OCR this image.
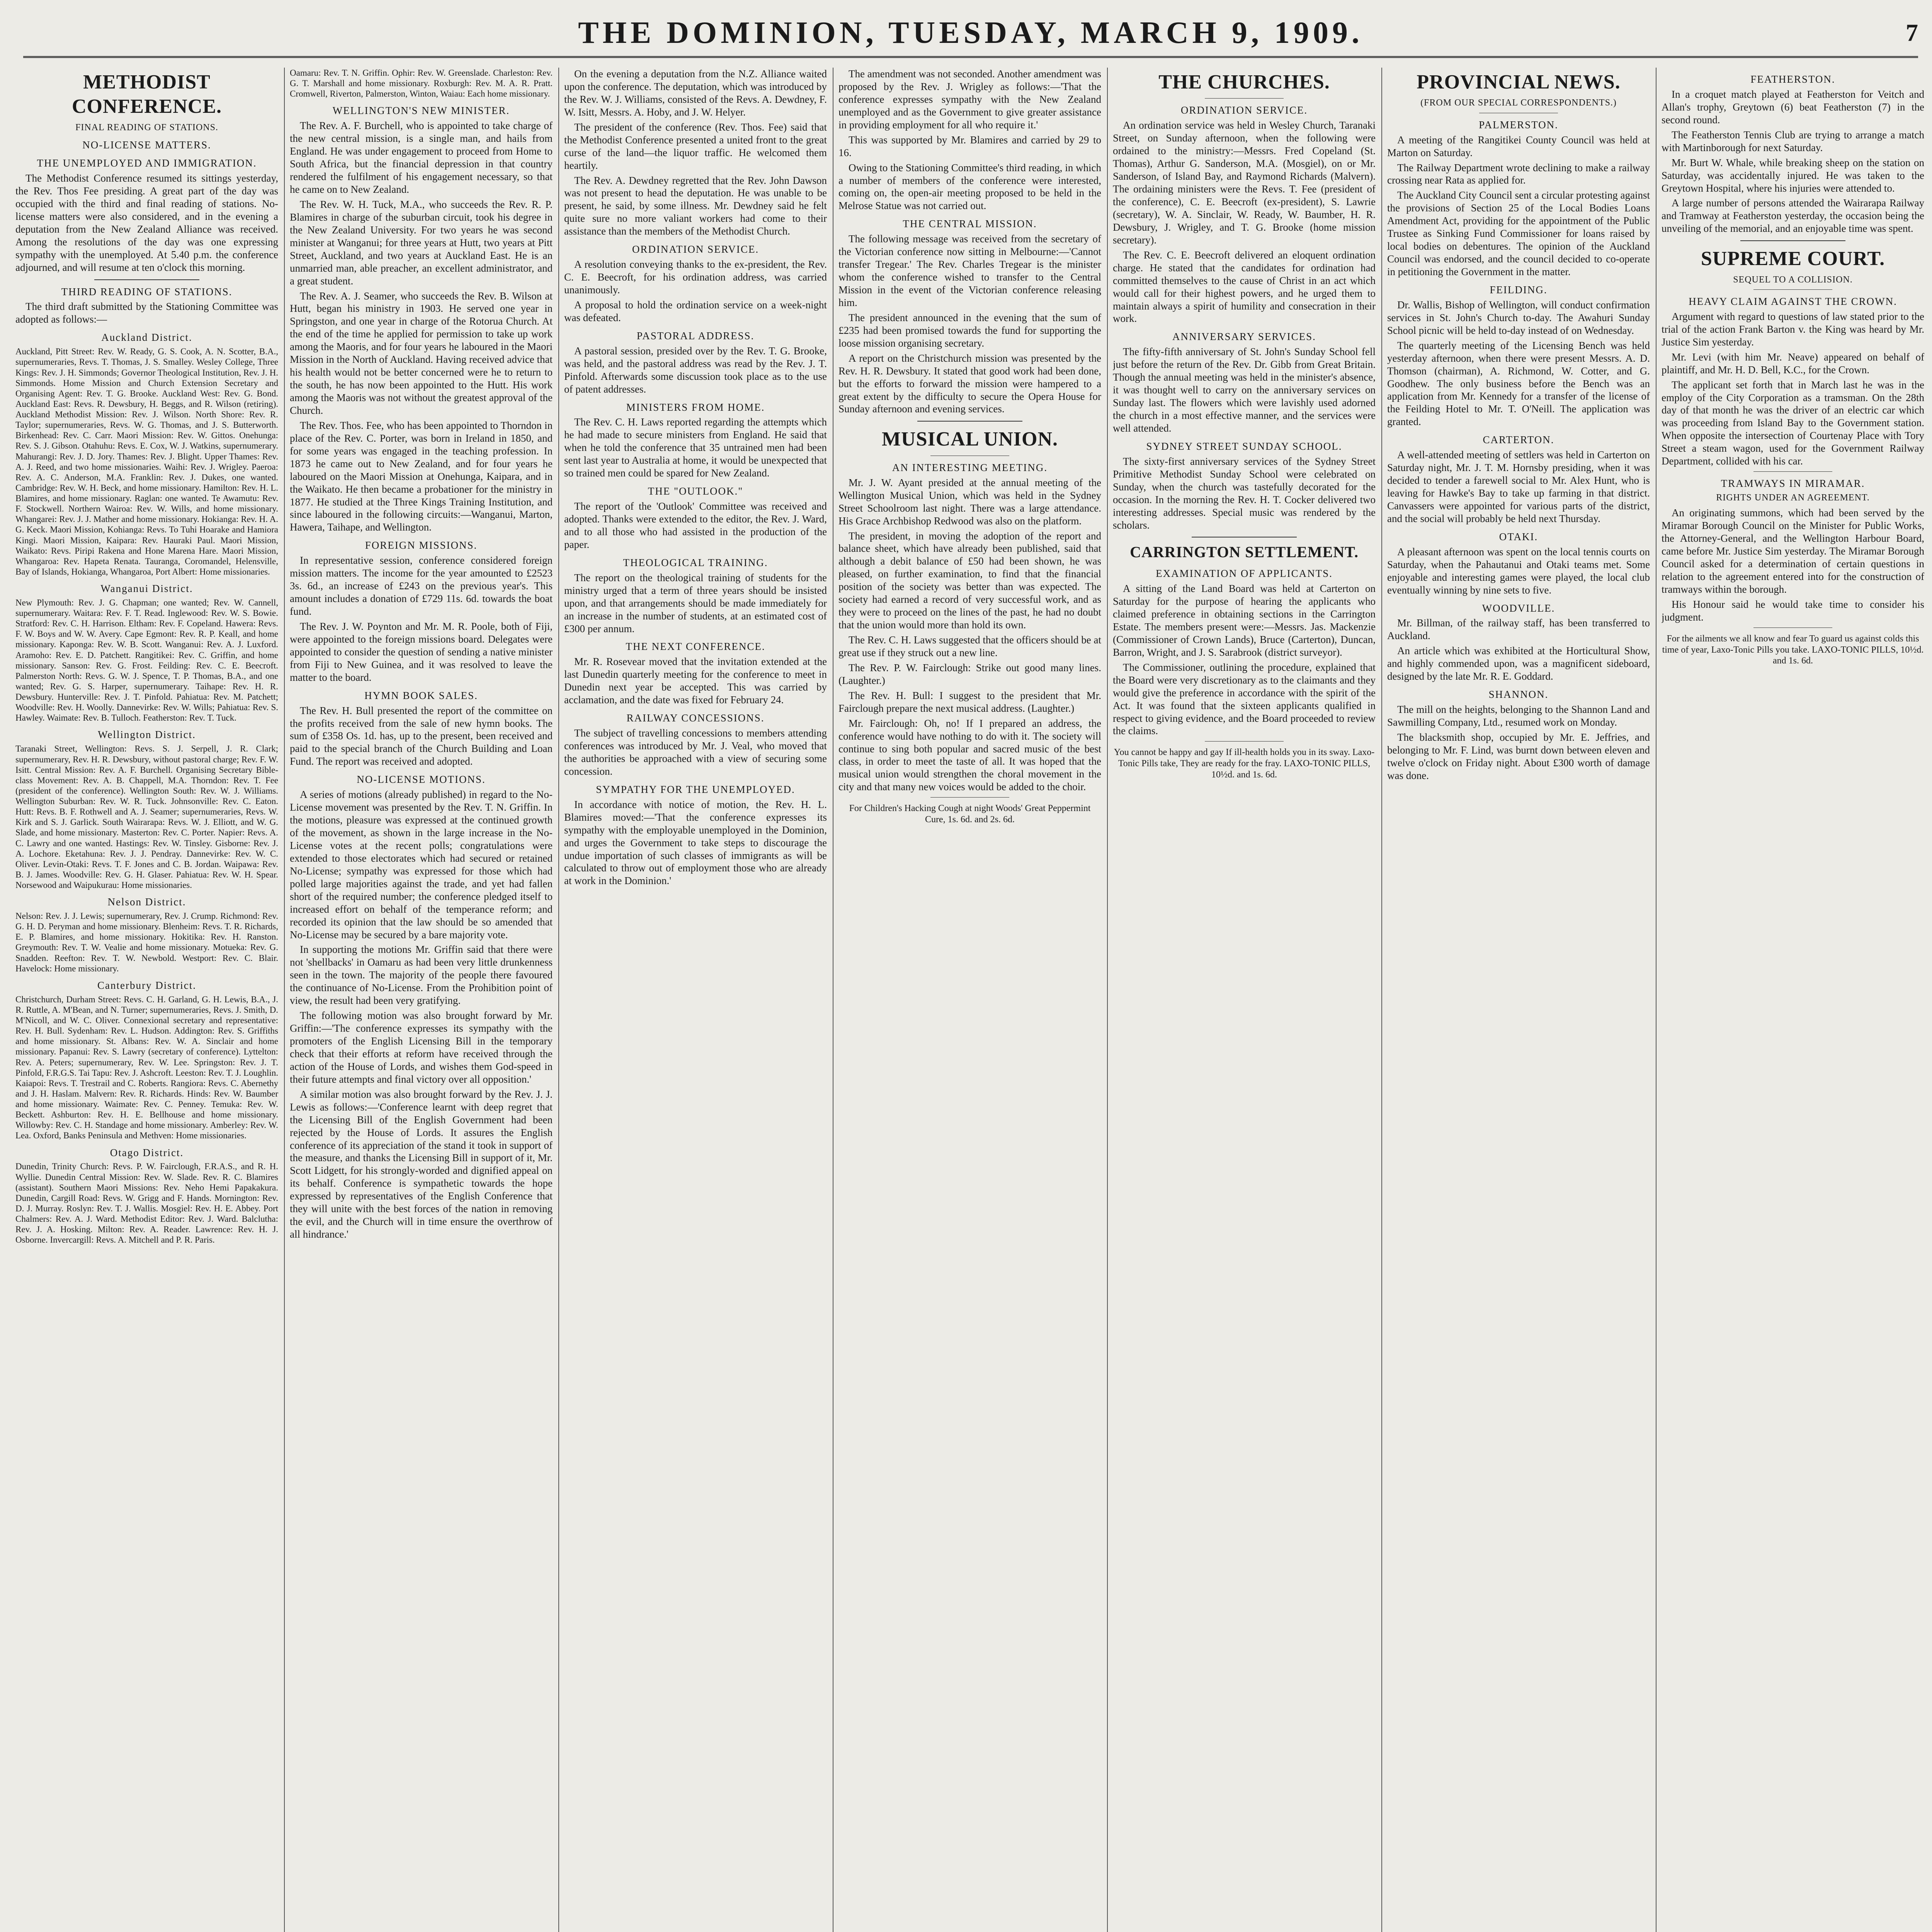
THE DOMINION, TUESDAY, MARCH 9, 1909.	7
METHODIST CONFERENCE.
FINAL READING OF STATIONS.
NO-LICENSE MATTERS.
THE UNEMPLOYED AND IMMIGRATION.

The Methodist Conference resumed its sittings yesterday, the Rev. Thos Fee presiding. A great part of the day was occupied with the third and final reading of stations. No-license matters were also considered, and in the evening a deputation from the New Zealand Alliance was received. Among the resolutions of the day was one expressing sympathy with the unemployed. At 5.40 p.m. the conference adjourned, and will resume at ten o'clock this morning.

THIRD READING OF STATIONS.

The third draft submitted by the Stationing Committee was adopted as follows:—

Auckland District.

Auckland, Pitt Street: Rev. W. Ready, G. S. Cook, A. N. Scotter, B.A., supernumeraries, Revs. T. Thomas, J. S. Smalley. Wesley College, Three Kings: Rev. J. H. Simmonds; Governor Theological Institution, Rev. J. H. Simmonds. Home Mission and Church Extension Secretary and Organising Agent: Rev. T. G. Brooke. Auckland West: Rev. G. Bond. Auckland East: Revs. R. Dewsbury, H. Beggs, and R. Wilson (retiring). Auckland Methodist Mission: Rev. J. Wilson. North Shore: Rev. R. Taylor; supernumeraries, Revs. W. G. Thomas, and J. S. Butterworth. Birkenhead: Rev. C. Carr. Maori Mission: Rev. W. Gittos. Onehunga: Rev. S. J. Gibson. Otahuhu: Revs. E. Cox, W. J. Watkins, supernumerary. Mahurangi: Rev. J. D. Jory. Thames: Rev. J. Blight. Upper Thames: Rev. A. J. Reed, and two home missionaries. Waihi: Rev. J. Wrigley. Paeroa: Rev. A. C. Anderson, M.A. Franklin: Rev. J. Dukes, one wanted. Cambridge: Rev. W. H. Beck, and home missionary. Hamilton: Rev. H. L. Blamires, and home missionary. Raglan: one wanted. Te Awamutu: Rev. F. Stockwell. Northern Wairoa: Rev. W. Wills, and home missionary. Whangarei: Rev. J. J. Mather and home missionary. Hokianga: Rev. H. A. G. Keck. Maori Mission, Kohianga: Revs. To Tuhi Hoarake and Hamiora Kingi. Maori Mission, Kaipara: Rev. Hauraki Paul. Maori Mission, Waikato: Revs. Piripi Rakena and Hone Marena Hare. Maori Mission, Whangaroa: Rev. Hapeta Renata. Tauranga, Coromandel, Helensville, Bay of Islands, Hokianga, Whangaroa, Port Albert: Home missionaries.

Wanganui District.

New Plymouth: Rev. J. G. Chapman; one wanted; Rev. W. Cannell, supernumerary. Waitara: Rev. F. T. Read. Inglewood: Rev. W. S. Bowie. Stratford: Rev. C. H. Harrison. Eltham: Rev. F. Copeland. Hawera: Revs. F. W. Boys and W. W. Avery. Cape Egmont: Rev. R. P. Keall, and home missionary. Kaponga: Rev. W. B. Scott. Wanganui: Rev. A. J. Luxford. Aramoho: Rev. E. D. Patchett. Rangitikei: Rev. C. Griffin, and home missionary. Sanson: Rev. G. Frost. Feilding: Rev. C. E. Beecroft. Palmerston North: Revs. G. W. J. Spence, T. P. Thomas, B.A., and one wanted; Rev. G. S. Harper, supernumerary. Taihape: Rev. H. R. Dewsbury. Hunterville: Rev. J. T. Pinfold. Pahiatua: Rev. M. Patchett; Woodville: Rev. H. Woolly. Dannevirke: Rev. W. Wills; Pahiatua: Rev. S. Hawley. Waimate: Rev. B. Tulloch. Featherston: Rev. T. Tuck.

Wellington District.

Taranaki Street, Wellington: Revs. S. J. Serpell, J. R. Clark; supernumerary, Rev. H. R. Dewsbury, without pastoral charge; Rev. F. W. Isitt. Central Mission: Rev. A. F. Burchell. Organising Secretary Bible-class Movement: Rev. A. B. Chappell, M.A. Thorndon: Rev. T. Fee (president of the conference). Wellington South: Rev. W. J. Williams. Wellington Suburban: Rev. W. R. Tuck. Johnsonville: Rev. C. Eaton. Hutt: Revs. B. F. Rothwell and A. J. Seamer; supernumeraries, Revs. W. Kirk and S. J. Garlick. South Wairarapa: Revs. W. J. Elliott, and W. G. Slade, and home missionary. Masterton: Rev. C. Porter. Napier: Revs. A. C. Lawry and one wanted. Hastings: Rev. W. Tinsley. Gisborne: Rev. J. A. Lochore. Eketahuna: Rev. J. J. Pendray. Dannevirke: Rev. W. C. Oliver. Levin-Otaki: Revs. T. F. Jones and C. B. Jordan. Waipawa: Rev. B. J. James. Woodville: Rev. G. H. Glaser. Pahiatua: Rev. W. H. Spear. Norsewood and Waipukurau: Home missionaries.

Nelson District.

Nelson: Rev. J. J. Lewis; supernumerary, Rev. J. Crump. Richmond: Rev. G. H. D. Peryman and home missionary. Blenheim: Revs. T. R. Richards, E. P. Blamires, and home missionary. Hokitika: Rev. H. Ranston. Greymouth: Rev. T. W. Vealie and home missionary. Motueka: Rev. G. Snadden. Reefton: Rev. T. W. Newbold. Westport: Rev. C. Blair. Havelock: Home missionary.

Canterbury District.

Christchurch, Durham Street: Revs. C. H. Garland, G. H. Lewis, B.A., J. R. Ruttle, A. M'Bean, and N. Turner; supernumeraries, Revs. J. Smith, D. M'Nicoll, and W. C. Oliver. Connexional secretary and representative: Rev. H. Bull. Sydenham: Rev. L. Hudson. Addington: Rev. S. Griffiths and home missionary. St. Albans: Rev. W. A. Sinclair and home missionary. Papanui: Rev. S. Lawry (secretary of conference). Lyttelton: Rev. A. Peters; supernumerary, Rev. W. Lee. Springston: Rev. J. T. Pinfold, F.R.G.S. Tai Tapu: Rev. J. Ashcroft. Leeston: Rev. T. J. Loughlin. Kaiapoi: Revs. T. Trestrail and C. Roberts. Rangiora: Revs. C. Abernethy and J. H. Haslam. Malvern: Rev. R. Richards. Hinds: Rev. W. Baumber and home missionary. Waimate: Rev. C. Penney. Temuka: Rev. W. Beckett. Ashburton: Rev. H. E. Bellhouse and home missionary. Willowby: Rev. C. H. Standage and home missionary. Amberley: Rev. W. Lea. Oxford, Banks Peninsula and Methven: Home missionaries.

Otago District.

Dunedin, Trinity Church: Revs. P. W. Fairclough, F.R.A.S., and R. H. Wyllie. Dunedin Central Mission: Rev. W. Slade. Rev. R. C. Blamires (assistant). Southern Maori Missions: Rev. Neho Hemi Papakakura. Dunedin, Cargill Road: Revs. W. Grigg and F. Hands. Mornington: Rev. D. J. Murray. Roslyn: Rev. T. J. Wallis. Mosgiel: Rev. H. E. Abbey. Port Chalmers: Rev. A. J. Ward. Methodist Editor: Rev. J. Ward. Balclutha: Rev. J. A. Hosking. Milton: Rev. A. Reader. Lawrence: Rev. H. J. Osborne. Invercargill: Revs. A. Mitchell and P. R. Paris.

Oamaru: Rev. T. N. Griffin. Ophir: Rev. W. Greenslade. Charleston: Rev. G. T. Marshall and home missionary. Roxburgh: Rev. M. A. R. Pratt. Cromwell, Riverton, Palmerston, Winton, Waiau: Each home missionary.

WELLINGTON'S NEW MINISTER.

The Rev. A. F. Burchell, who is appointed to take charge of the new central mission, is a single man, and hails from England. He was under engagement to proceed from Home to South Africa, but the financial depression in that country rendered the fulfilment of his engagement necessary, so that he came on to New Zealand.

The Rev. W. H. Tuck, M.A., who succeeds the Rev. R. P. Blamires in charge of the suburban circuit, took his degree in the New Zealand University. For two years he was second minister at Wanganui; for three years at Hutt, two years at Pitt Street, Auckland, and two years at Auckland East. He is an unmarried man, able preacher, an excellent administrator, and a great student.

The Rev. A. J. Seamer, who succeeds the Rev. B. Wilson at Hutt, began his ministry in 1903. He served one year in Springston, and one year in charge of the Rotorua Church. At the end of the time he applied for permission to take up work among the Maoris, and for four years he laboured in the Maori Mission in the North of Auckland. Having received advice that his health would not be better concerned were he to return to the south, he has now been appointed to the Hutt. His work among the Maoris was not without the greatest approval of the Church.

The Rev. Thos. Fee, who has been appointed to Thorndon in place of the Rev. C. Porter, was born in Ireland in 1850, and for some years was engaged in the teaching profession. In 1873 he came out to New Zealand, and for four years he laboured on the Maori Mission at Onehunga, Kaipara, and in the Waikato. He then became a probationer for the ministry in 1877. He studied at the Three Kings Training Institution, and since laboured in the following circuits:—Wanganui, Marton, Hawera, Taihape, and Wellington.

FOREIGN MISSIONS.

In representative session, conference considered foreign mission matters. The income for the year amounted to £2523 3s. 6d., an increase of £243 on the previous year's. This amount includes a donation of £729 11s. 6d. towards the boat fund.

The Rev. J. W. Poynton and Mr. M. R. Poole, both of Fiji, were appointed to the foreign missions board. Delegates were appointed to consider the question of sending a native minister from Fiji to New Guinea, and it was resolved to leave the matter to the board.

HYMN BOOK SALES.

The Rev. H. Bull presented the report of the committee on the profits received from the sale of new hymn books. The sum of £358 Os. 1d. has, up to the present, been received and paid to the special branch of the Church Building and Loan Fund. The report was received and adopted.

NO-LICENSE MOTIONS.

A series of motions (already published) in regard to the No-License movement was presented by the Rev. T. N. Griffin. In the motions, pleasure was expressed at the continued growth of the movement, as shown in the large increase in the No-License votes at the recent polls; congratulations were extended to those electorates which had secured or retained No-License; sympathy was expressed for those which had polled large majorities against the trade, and yet had fallen short of the required number; the conference pledged itself to increased effort on behalf of the temperance reform; and recorded its opinion that the law should be so amended that No-License may be secured by a bare majority vote.

In supporting the motions Mr. Griffin said that there were not 'shellbacks' in Oamaru as had been very little drunkenness seen in the town. The majority of the people there favoured the continuance of No-License. From the Prohibition point of view, the result had been very gratifying.

The following motion was also brought forward by Mr. Griffin:—'The conference expresses its sympathy with the promoters of the English Licensing Bill in the temporary check that their efforts at reform have received through the action of the House of Lords, and wishes them God-speed in their future attempts and final victory over all opposition.'

A similar motion was also brought forward by the Rev. J. J. Lewis as follows:—'Conference learnt with deep regret that the Licensing Bill of the English Government had been rejected by the House of Lords. It assures the English conference of its appreciation of the stand it took in support of the measure, and thanks the Licensing Bill in support of it, Mr. Scott Lidgett, for his strongly-worded and dignified appeal on its behalf. Conference is sympathetic towards the hope expressed by representatives of the English Conference that they will unite with the best forces of the nation in removing the evil, and the Church will in time ensure the overthrow of all hindrance.'

On the evening a deputation from the N.Z. Alliance waited upon the conference. The deputation, which was introduced by the Rev. W. J. Williams, consisted of the Revs. A. Dewdney, F. W. Isitt, Messrs. A. Hoby, and J. W. Helyer.

The president of the conference (Rev. Thos. Fee) said that the Methodist Conference presented a united front to the great curse of the land—the liquor traffic. He welcomed them heartily.

The Rev. A. Dewdney regretted that the Rev. John Dawson was not present to head the deputation. He was unable to be present, he said, by some illness. Mr. Dewdney said he felt quite sure no more valiant workers had come to their assistance than the members of the Methodist Church.

ORDINATION SERVICE.

A resolution conveying thanks to the ex-president, the Rev. C. E. Beecroft, for his ordination address, was carried unanimously.

A proposal to hold the ordination service on a week-night was defeated.

PASTORAL ADDRESS.

A pastoral session, presided over by the Rev. T. G. Brooke, was held, and the pastoral address was read by the Rev. J. T. Pinfold. Afterwards some discussion took place as to the use of patent addresses.

MINISTERS FROM HOME.

The Rev. C. H. Laws reported regarding the attempts which he had made to secure ministers from England. He said that when he told the conference that 35 untrained men had been sent last year to Australia at home, it would be unexpected that so trained men could be spared for New Zealand.

THE "OUTLOOK."

The report of the 'Outlook' Committee was received and adopted. Thanks were extended to the editor, the Rev. J. Ward, and to all those who had assisted in the production of the paper.

THEOLOGICAL TRAINING.

The report on the theological training of students for the ministry urged that a term of three years should be insisted upon, and that arrangements should be made immediately for an increase in the number of students, at an estimated cost of £300 per annum.

THE NEXT CONFERENCE.

Mr. R. Rosevear moved that the invitation extended at the last Dunedin quarterly meeting for the conference to meet in Dunedin next year be accepted. This was carried by acclamation, and the date was fixed for February 24.

RAILWAY CONCESSIONS.

The subject of travelling concessions to members attending conferences was introduced by Mr. J. Veal, who moved that the authorities be approached with a view of securing some concession.

SYMPATHY FOR THE UNEMPLOYED.

In accordance with notice of motion, the Rev. H. L. Blamires moved:—'That the conference expresses its sympathy with the employable unemployed in the Dominion, and urges the Government to take steps to discourage the undue importation of such classes of immigrants as will be calculated to throw out of employment those who are already at work in the Dominion.'

The amendment was not seconded. Another amendment was proposed by the Rev. J. Wrigley as follows:—'That the conference expresses sympathy with the New Zealand unemployed and as the Government to give greater assistance in providing employment for all who require it.'

This was supported by Mr. Blamires and carried by 29 to 16.

Owing to the Stationing Committee's third reading, in which a number of members of the conference were interested, coming on, the open-air meeting proposed to be held in the Melrose Statue was not carried out.

THE CENTRAL MISSION.

The following message was received from the secretary of the Victorian conference now sitting in Melbourne:—'Cannot transfer Tregear.' The Rev. Charles Tregear is the minister whom the conference wished to transfer to the Central Mission in the event of the Victorian conference releasing him.

The president announced in the evening that the sum of £235 had been promised towards the fund for supporting the loose mission organising secretary.

A report on the Christchurch mission was presented by the Rev. H. R. Dewsbury. It stated that good work had been done, but the efforts to forward the mission were hampered to a great extent by the difficulty to secure the Opera House for Sunday afternoon and evening services.

MUSICAL UNION.
AN INTERESTING MEETING.

Mr. J. W. Ayant presided at the annual meeting of the Wellington Musical Union, which was held in the Sydney Street Schoolroom last night. There was a large attendance. His Grace Archbishop Redwood was also on the platform.

The president, in moving the adoption of the report and balance sheet, which have already been published, said that although a debit balance of £50 had been shown, he was pleased, on further examination, to find that the financial position of the society was better than was expected. The society had earned a record of very successful work, and as they were to proceed on the lines of the past, he had no doubt that the union would more than hold its own.

The Rev. C. H. Laws suggested that the officers should be at great use if they struck out a new line.

The Rev. P. W. Fairclough: Strike out good many lines. (Laughter.)

The Rev. H. Bull: I suggest to the president that Mr. Fairclough prepare the next musical address. (Laughter.)

Mr. Fairclough: Oh, no! If I prepared an address, the conference would have nothing to do with it. The society will continue to sing both popular and sacred music of the best class, in order to meet the taste of all. It was hoped that the musical union would strengthen the choral movement in the city and that many new voices would be added to the choir.

For Children's Hacking Cough at night Woods' Great Peppermint Cure, 1s. 6d. and 2s. 6d.
THE CHURCHES.
ORDINATION SERVICE.

An ordination service was held in Wesley Church, Taranaki Street, on Sunday afternoon, when the following were ordained to the ministry:—Messrs. Fred Copeland (St. Thomas), Arthur G. Sanderson, M.A. (Mosgiel), on or Mr. Sanderson, of Island Bay, and Raymond Richards (Malvern). The ordaining ministers were the Revs. T. Fee (president of the conference), C. E. Beecroft (ex-president), S. Lawrie (secretary), W. A. Sinclair, W. Ready, W. Baumber, H. R. Dewsbury, J. Wrigley, and T. G. Brooke (home mission secretary).

The Rev. C. E. Beecroft delivered an eloquent ordination charge. He stated that the candidates for ordination had committed themselves to the cause of Christ in an act which would call for their highest powers, and he urged them to maintain always a spirit of humility and consecration in their work.

ANNIVERSARY SERVICES.

The fifty-fifth anniversary of St. John's Sunday School fell just before the return of the Rev. Dr. Gibb from Great Britain. Though the annual meeting was held in the minister's absence, it was thought well to carry on the anniversary services on Sunday last. The flowers which were lavishly used adorned the church in a most effective manner, and the services were well attended.

SYDNEY STREET SUNDAY SCHOOL.

The sixty-first anniversary services of the Sydney Street Primitive Methodist Sunday School were celebrated on Sunday, when the church was tastefully decorated for the occasion. In the morning the Rev. H. T. Cocker delivered two interesting addresses. Special music was rendered by the scholars.

CARRINGTON SETTLEMENT.
EXAMINATION OF APPLICANTS.

A sitting of the Land Board was held at Carterton on Saturday for the purpose of hearing the applicants who claimed preference in obtaining sections in the Carrington Estate. The members present were:—Messrs. Jas. Mackenzie (Commissioner of Crown Lands), Bruce (Carterton), Duncan, Barron, Wright, and J. S. Sarabrook (district surveyor).

The Commissioner, outlining the procedure, explained that the Board were very discretionary as to the claimants and they would give the preference in accordance with the spirit of the Act. It was found that the sixteen applicants qualified in respect to giving evidence, and the Board proceeded to review the claims.

You cannot be happy and gay If ill-health holds you in its sway. Laxo-Tonic Pills take, They are ready for the fray. LAXO-TONIC PILLS, 10½d. and 1s. 6d.
PROVINCIAL NEWS.
(FROM OUR SPECIAL CORRESPONDENTS.)
PALMERSTON.

A meeting of the Rangitikei County Council was held at Marton on Saturday.

The Railway Department wrote declining to make a railway crossing near Rata as applied for.

The Auckland City Council sent a circular protesting against the provisions of Section 25 of the Local Bodies Loans Amendment Act, providing for the appointment of the Public Trustee as Sinking Fund Commissioner for loans raised by local bodies on debentures. The opinion of the Auckland Council was endorsed, and the council decided to co-operate in petitioning the Government in the matter.

FEILDING.

Dr. Wallis, Bishop of Wellington, will conduct confirmation services in St. John's Church to-day. The Awahuri Sunday School picnic will be held to-day instead of on Wednesday.

The quarterly meeting of the Licensing Bench was held yesterday afternoon, when there were present Messrs. A. D. Thomson (chairman), A. Richmond, W. Cotter, and G. Goodhew. The only business before the Bench was an application from Mr. Kennedy for a transfer of the license of the Feilding Hotel to Mr. T. O'Neill. The application was granted.

CARTERTON.

A well-attended meeting of settlers was held in Carterton on Saturday night, Mr. J. T. M. Hornsby presiding, when it was decided to tender a farewell social to Mr. Alex Hunt, who is leaving for Hawke's Bay to take up farming in that district. Canvassers were appointed for various parts of the district, and the social will probably be held next Thursday.

OTAKI.

A pleasant afternoon was spent on the local tennis courts on Saturday, when the Pahautanui and Otaki teams met. Some enjoyable and interesting games were played, the local club eventually winning by nine sets to five.

WOODVILLE.

Mr. Billman, of the railway staff, has been transferred to Auckland.

An article which was exhibited at the Horticultural Show, and highly commended upon, was a magnificent sideboard, designed by the late Mr. R. E. Goddard.

SHANNON.

The mill on the heights, belonging to the Shannon Land and Sawmilling Company, Ltd., resumed work on Monday.

The blacksmith shop, occupied by Mr. E. Jeffries, and belonging to Mr. F. Lind, was burnt down between eleven and twelve o'clock on Friday night. About £300 worth of damage was done.

FEATHERSTON.

In a croquet match played at Featherston for Veitch and Allan's trophy, Greytown (6) beat Featherston (7) in the second round.

The Featherston Tennis Club are trying to arrange a match with Martinborough for next Saturday.

Mr. Burt W. Whale, while breaking sheep on the station on Saturday, was accidentally injured. He was taken to the Greytown Hospital, where his injuries were attended to.

A large number of persons attended the Wairarapa Railway and Tramway at Featherston yesterday, the occasion being the unveiling of the memorial, and an enjoyable time was spent.

SUPREME COURT.
SEQUEL TO A COLLISION.
HEAVY CLAIM AGAINST THE CROWN.

Argument with regard to questions of law stated prior to the trial of the action Frank Barton v. the King was heard by Mr. Justice Sim yesterday.

Mr. Levi (with him Mr. Neave) appeared on behalf of plaintiff, and Mr. H. D. Bell, K.C., for the Crown.

The applicant set forth that in March last he was in the employ of the City Corporation as a tramsman. On the 28th day of that month he was the driver of an electric car which was proceeding from Island Bay to the Government station. When opposite the intersection of Courtenay Place with Tory Street a steam wagon, used for the Government Railway Department, collided with his car.

TRAMWAYS IN MIRAMAR.
RIGHTS UNDER AN AGREEMENT.

An originating summons, which had been served by the Miramar Borough Council on the Minister for Public Works, the Attorney-General, and the Wellington Harbour Board, came before Mr. Justice Sim yesterday. The Miramar Borough Council asked for a determination of certain questions in relation to the agreement entered into for the construction of tramways within the borough.

His Honour said he would take time to consider his judgment.

For the ailments we all know and fear To guard us against colds this time of year, Laxo-Tonic Pills you take. LAXO-TONIC PILLS, 10½d. and 1s. 6d.
